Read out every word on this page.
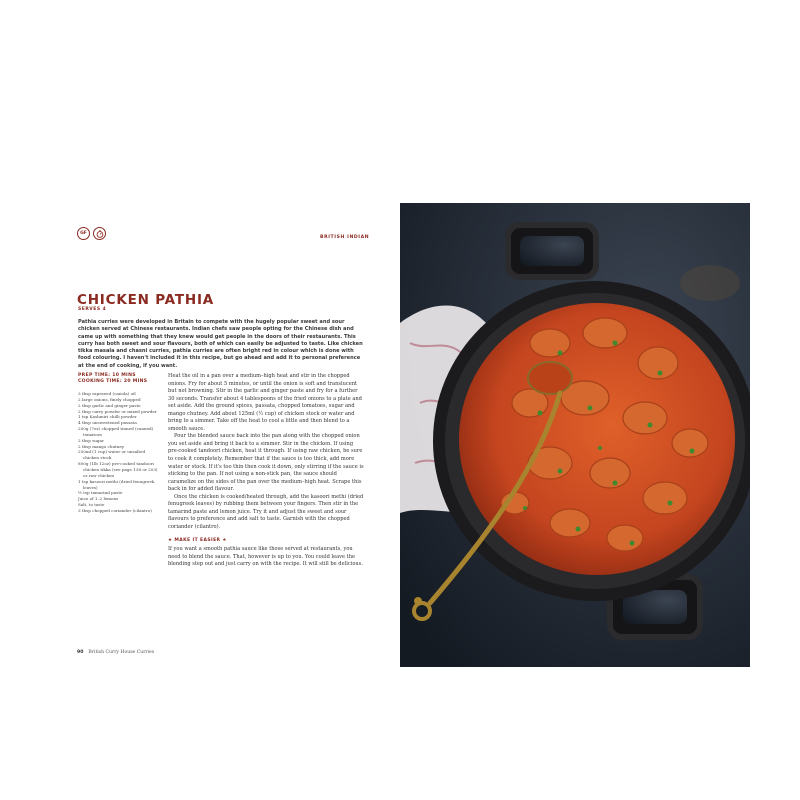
GF
BRITISH INDIAN
CHICKEN PATHIA
SERVES 4
Pathia curries were developed in Britain to compete with the hugely popular sweet and sour chicken served at Chinese restaurants. Indian chefs saw people opting for the Chinese dish and came up with something that they knew would get people in the doors of their restaurants. This curry has both sweet and sour flavours, both of which can easily be adjusted to taste. Like chicken tikka masala and chasni curries, pathia curries are often bright red in colour which is done with food colouring. I haven't included it in this recipe, but go ahead and add it to personal preference at the end of cooking, if you want.
PREP TIME: 10 MINS
COOKING TIME: 20 MINS
3 tbsp rapeseed (canola) oil
2 large onions, finely chopped
2 tbsp garlic and ginger paste
2 tbsp curry powder or mixed powder
1 tsp Kashmiri chilli powder
4 tbsp unsweetened passata
200g (7oz) chopped tinned (canned) tomatoes
2 tbsp sugar
2 tbsp mango chutney
250ml (1 cup) water or unsalted chicken stock
800g (1lb 12oz) pre-cooked tandoori chicken tikka (see page 138 or 203) or raw chicken
1 tsp kasoori methi (dried fenugreek leaves)
½ tsp tamarind paste
Juice of 1–2 lemons
Salt, to taste
3 tbsp chopped coriander (cilantro)

Heat the oil in a pan over a medium–high heat and stir in the chopped onions. Fry for about 5 minutes, or until the onion is soft and translucent but not browning. Stir in the garlic and ginger paste and fry for a further 30 seconds. Transfer about 4 tablespoons of the fried onions to a plate and set aside. Add the ground spices, passata, chopped tomatoes, sugar and mango chutney. Add about 125ml (½ cup) of chicken stock or water and bring to a simmer. Take off the heat to cool a little and then blend to a smooth sauce.

Pour the blended sauce back into the pan along with the chopped onion you set aside and bring it back to a simmer. Stir in the chicken. If using pre-cooked tandoori chicken, heat it through. If using raw chicken, be sure to cook it completely. Remember that if the sauce is too thick, add more water or stock. If it's too thin then cook it down, only stirring if the sauce is sticking to the pan. If not using a non-stick pan, the sauce should caramelize on the sides of the pan over the medium–high heat. Scrape this back in for added flavour.

Once the chicken is cooked/heated through, add the kasoori methi (dried fenugreek leaves) by rubbing them between your fingers. Then stir in the tamarind paste and lemon juice. Try it and adjust the sweet and sour flavours to preference and add salt to taste. Garnish with the chopped coriander (cilantro).

★ MAKE IT EASIER ★
If you want a smooth pathia sauce like those served at restaurants, you need to blend the sauce. That, however is up to you. You could leave the blending step out and just carry on with the recipe. It will still be delicious.
90 British Curry House Curries
